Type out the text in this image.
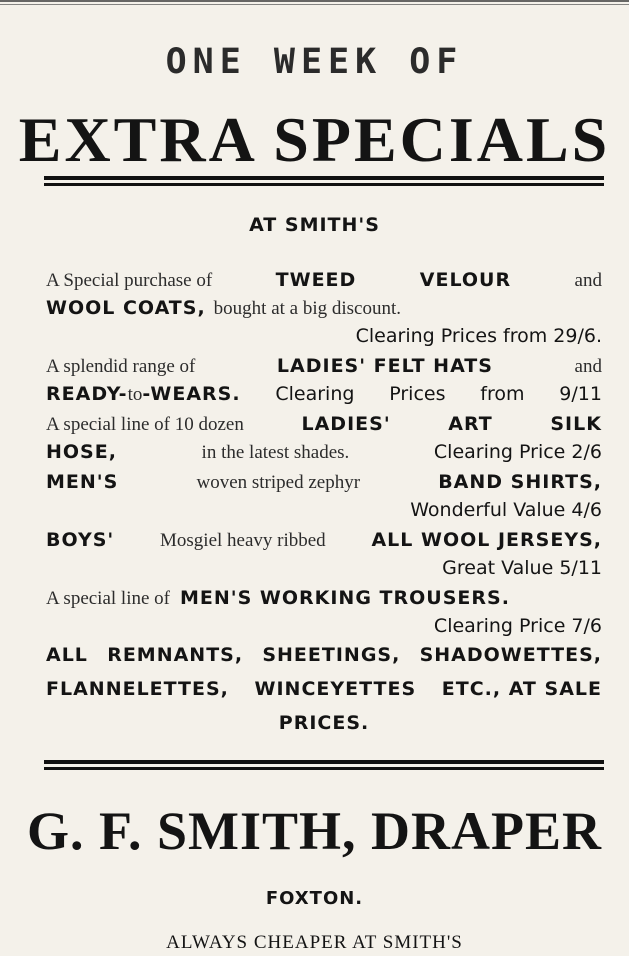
ONE WEEK OF
EXTRA SPECIALS
AT SMITH'S
A Special purchase of	TWEED	VELOUR	and
WOOL COATS, bought at a big discount.
Clearing Prices from 29/6.
A splendid range of	LADIES' FELT HATS	and
READY-to-WEARS. Clearing Prices from 9/11
A special line of 10 dozen	LADIES'	ART	SILK
HOSE,	in the latest shades.	Clearing Price 2/6
MEN'S	woven striped zephyr	BAND SHIRTS,
Wonderful Value 4/6
BOYS' Mosgiel heavy ribbed ALL WOOL JERSEYS,
Great Value 5/11
A special line of MEN'S WORKING TROUSERS.
Clearing Price 7/6
ALL REMNANTS, SHEETINGS, SHADOWETTES,
FLANNELETTES, WINCEYETTES ETC., AT SALE
PRICES.
G. F. SMITH, DRAPER
FOXTON.
ALWAYS CHEAPER AT SMITH'S
